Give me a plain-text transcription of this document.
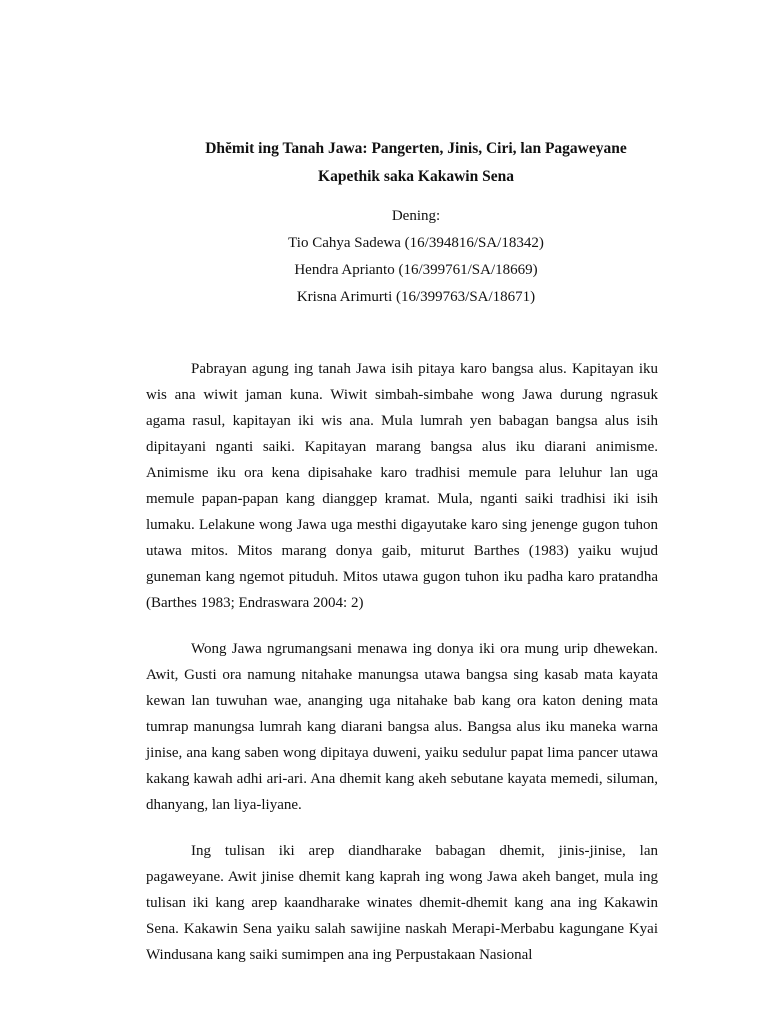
Dhĕmit ing Tanah Jawa: Pangerten, Jinis, Ciri, lan Pagaweyane
Kapethik saka Kakawin Sena
Dening:
Tio Cahya Sadewa (16/394816/SA/18342)
Hendra Aprianto (16/399761/SA/18669)
Krisna Arimurti (16/399763/SA/18671)

Pabrayan agung ing tanah Jawa isih pitaya karo bangsa alus. Kapitayan iku wis ana wiwit jaman kuna. Wiwit simbah-simbahe wong Jawa durung ngrasuk agama rasul, kapitayan iki wis ana. Mula lumrah yen babagan bangsa alus isih dipitayani nganti saiki. Kapitayan marang bangsa alus iku diarani animisme. Animisme iku ora kena dipisahake karo tradhisi memule para leluhur lan uga memule papan-papan kang dianggep kramat. Mula, nganti saiki tradhisi iki isih lumaku. Lelakune wong Jawa uga mesthi digayutake karo sing jenenge gugon tuhon utawa mitos. Mitos marang donya gaib, miturut Barthes (1983) yaiku wujud guneman kang ngemot pituduh. Mitos utawa gugon tuhon iku padha karo pratandha (Barthes 1983; Endraswara 2004: 2)

Wong Jawa ngrumangsani menawa ing donya iki ora mung urip dhewekan. Awit, Gusti ora namung nitahake manungsa utawa bangsa sing kasab mata kayata kewan lan tuwuhan wae, ananging uga nitahake bab kang ora katon dening mata tumrap manungsa lumrah kang diarani bangsa alus. Bangsa alus iku maneka warna jinise, ana kang saben wong dipitaya duweni, yaiku sedulur papat lima pancer utawa kakang kawah adhi ari-ari. Ana dhemit kang akeh sebutane kayata memedi, siluman, dhanyang, lan liya-liyane.

Ing tulisan iki arep diandharake babagan dhemit, jinis-jinise, lan pagaweyane. Awit jinise dhemit kang kaprah ing wong Jawa akeh banget, mula ing tulisan iki kang arep kaandharake winates dhemit-dhemit kang ana ing Kakawin Sena. Kakawin Sena yaiku salah sawijine naskah Merapi-Merbabu kagungane Kyai Windusana kang saiki sumimpen ana ing Perpustakaan Nasional
